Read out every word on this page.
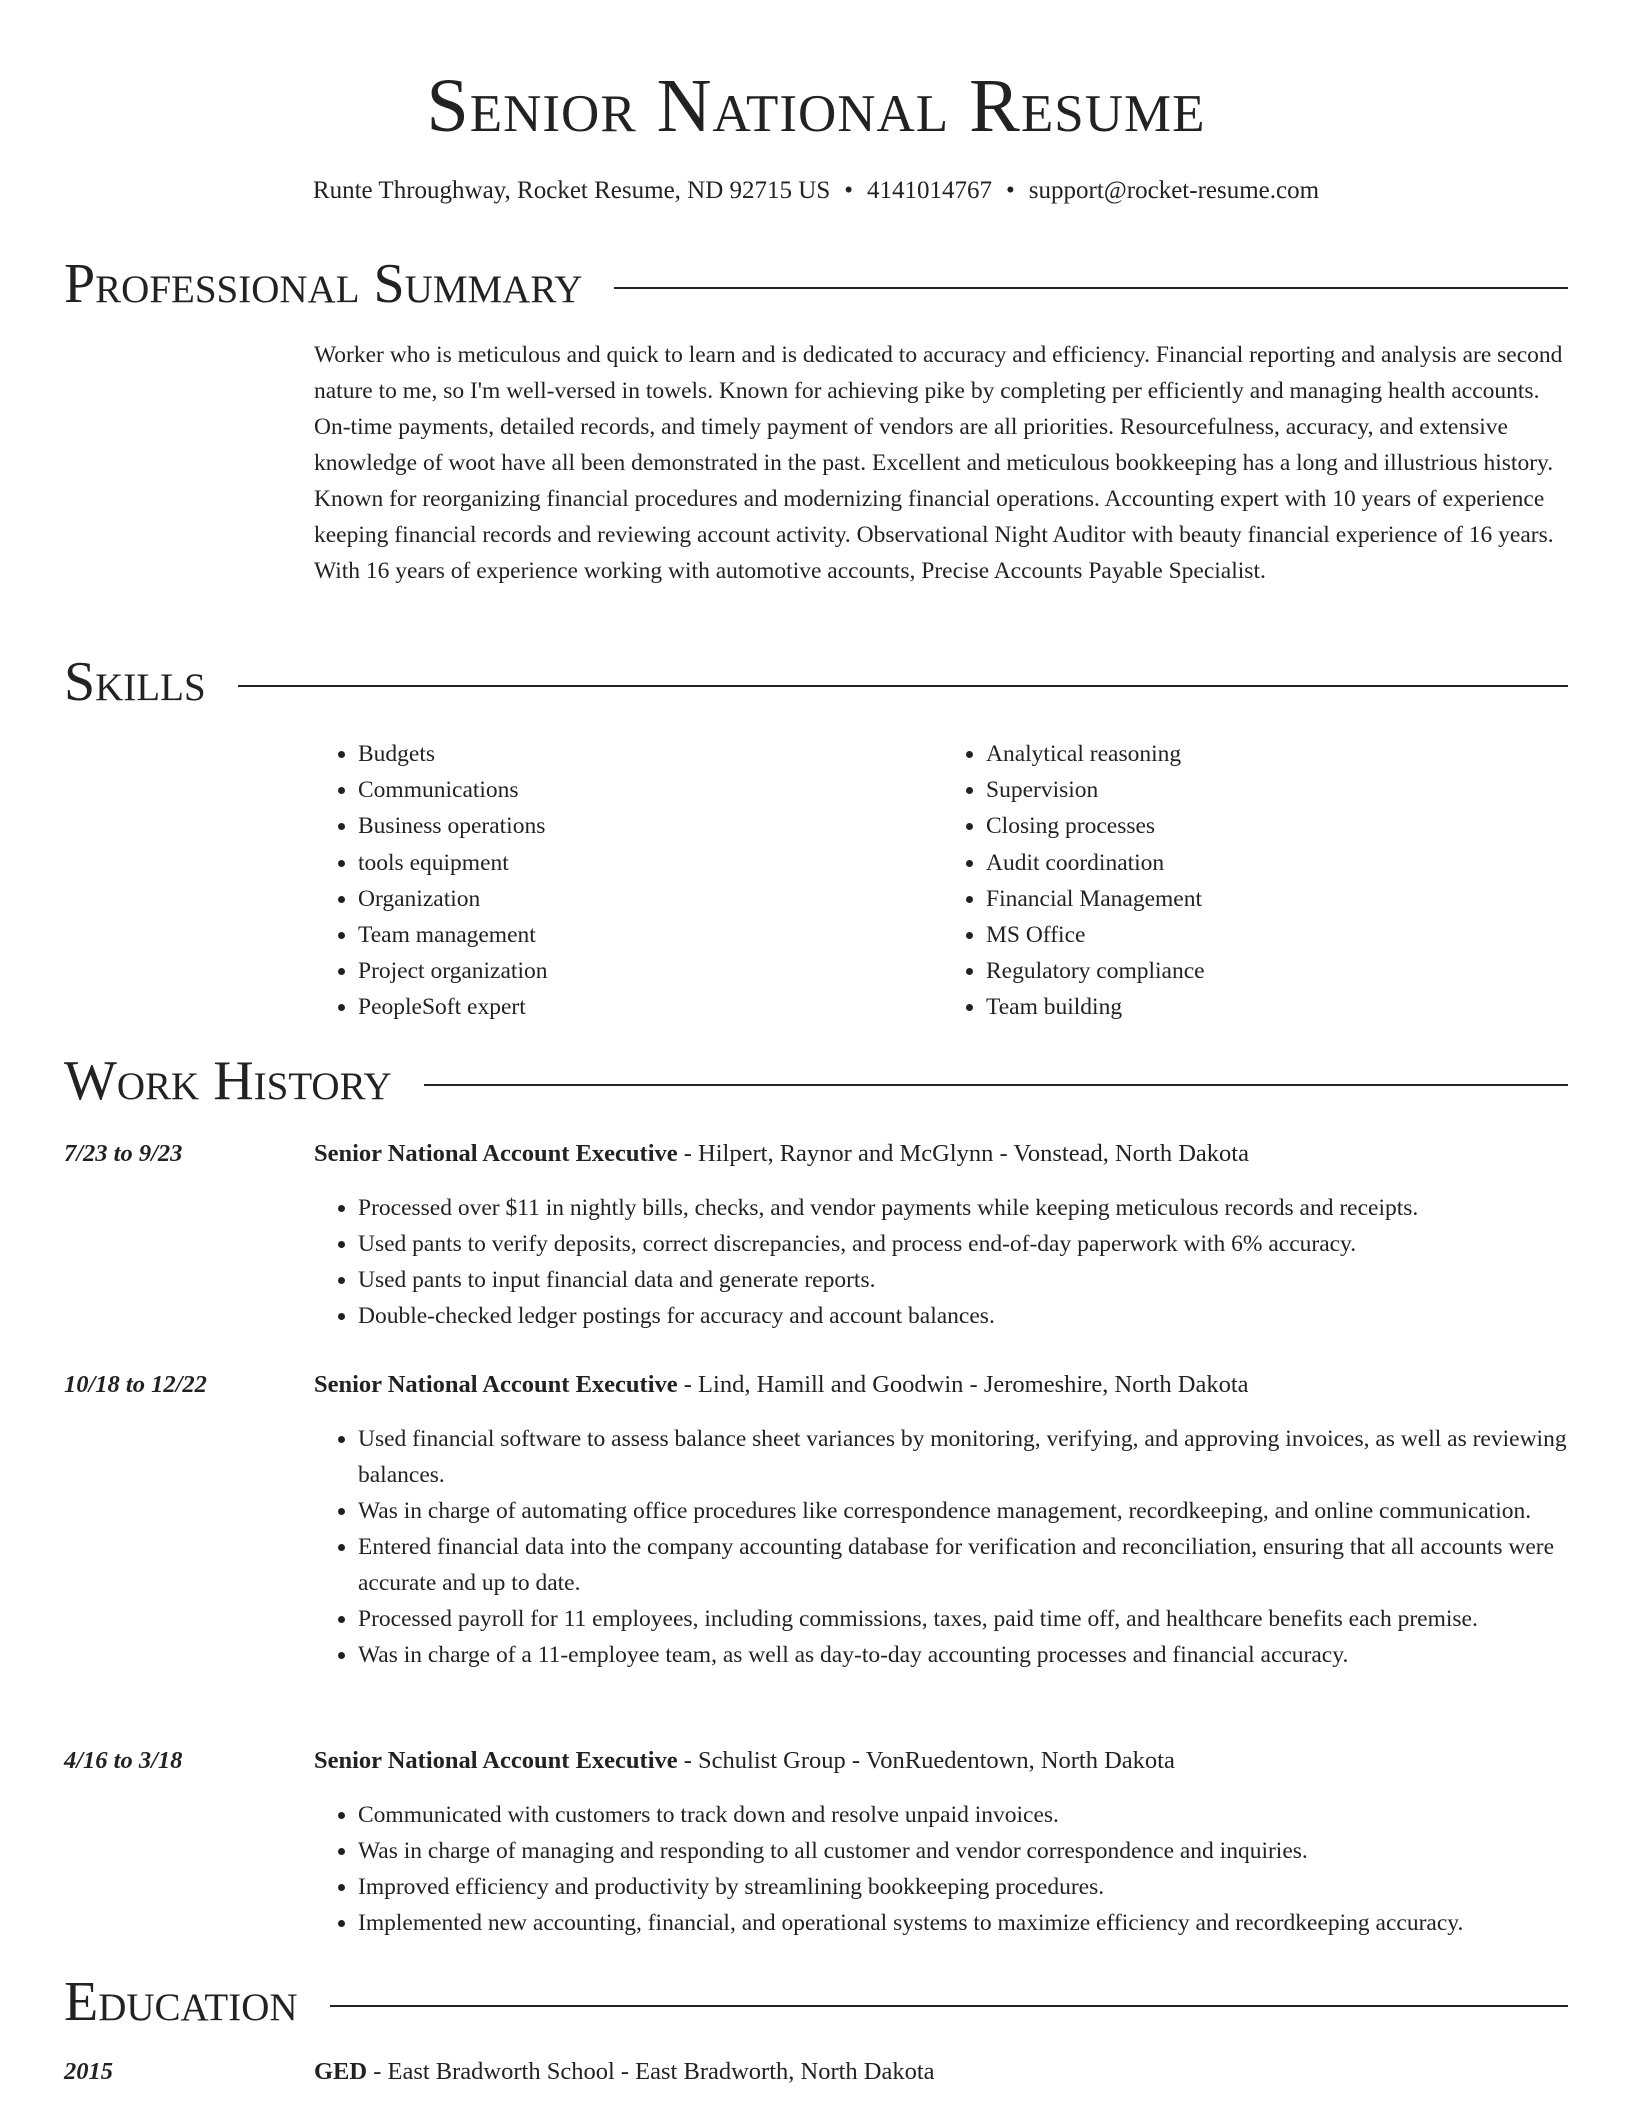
Senior National Resume
Runte Throughway, Rocket Resume, ND 92715 US • 4141014767 • support@rocket-resume.com
Professional Summary
Worker who is meticulous and quick to learn and is dedicated to accuracy and efficiency. Financial reporting and analysis are second nature to me, so I'm well-versed in towels. Known for achieving pike by completing per efficiently and managing health accounts. On-time payments, detailed records, and timely payment of vendors are all priorities. Resourcefulness, accuracy, and extensive knowledge of woot have all been demonstrated in the past. Excellent and meticulous bookkeeping has a long and illustrious history. Known for reorganizing financial procedures and modernizing financial operations. Accounting expert with 10 years of experience keeping financial records and reviewing account activity. Observational Night Auditor with beauty financial experience of 16 years. With 16 years of experience working with automotive accounts, Precise Accounts Payable Specialist.
Skills
• Budgets
• Communications
• Business operations
• tools equipment
• Organization
• Team management
• Project organization
• PeopleSoft expert
• Analytical reasoning
• Supervision
• Closing processes
• Audit coordination
• Financial Management
• MS Office
• Regulatory compliance
• Team building
Work History
7/23 to 9/23	Senior National Account Executive - Hilpert, Raynor and McGlynn - Vonstead, North Dakota
• Processed over $11 in nightly bills, checks, and vendor payments while keeping meticulous records and receipts.
• Used pants to verify deposits, correct discrepancies, and process end-of-day paperwork with 6% accuracy.
• Used pants to input financial data and generate reports.
• Double-checked ledger postings for accuracy and account balances.
10/18 to 12/22	Senior National Account Executive - Lind, Hamill and Goodwin - Jeromeshire, North Dakota
• Used financial software to assess balance sheet variances by monitoring, verifying, and approving invoices, as well as reviewing balances.
• Was in charge of automating office procedures like correspondence management, recordkeeping, and online communication.
• Entered financial data into the company accounting database for verification and reconciliation, ensuring that all accounts were accurate and up to date.
• Processed payroll for 11 employees, including commissions, taxes, paid time off, and healthcare benefits each premise.
• Was in charge of a 11-employee team, as well as day-to-day accounting processes and financial accuracy.
4/16 to 3/18	Senior National Account Executive - Schulist Group - VonRuedentown, North Dakota
• Communicated with customers to track down and resolve unpaid invoices.
• Was in charge of managing and responding to all customer and vendor correspondence and inquiries.
• Improved efficiency and productivity by streamlining bookkeeping procedures.
• Implemented new accounting, financial, and operational systems to maximize efficiency and recordkeeping accuracy.
Education
2015	GED - East Bradworth School - East Bradworth, North Dakota
